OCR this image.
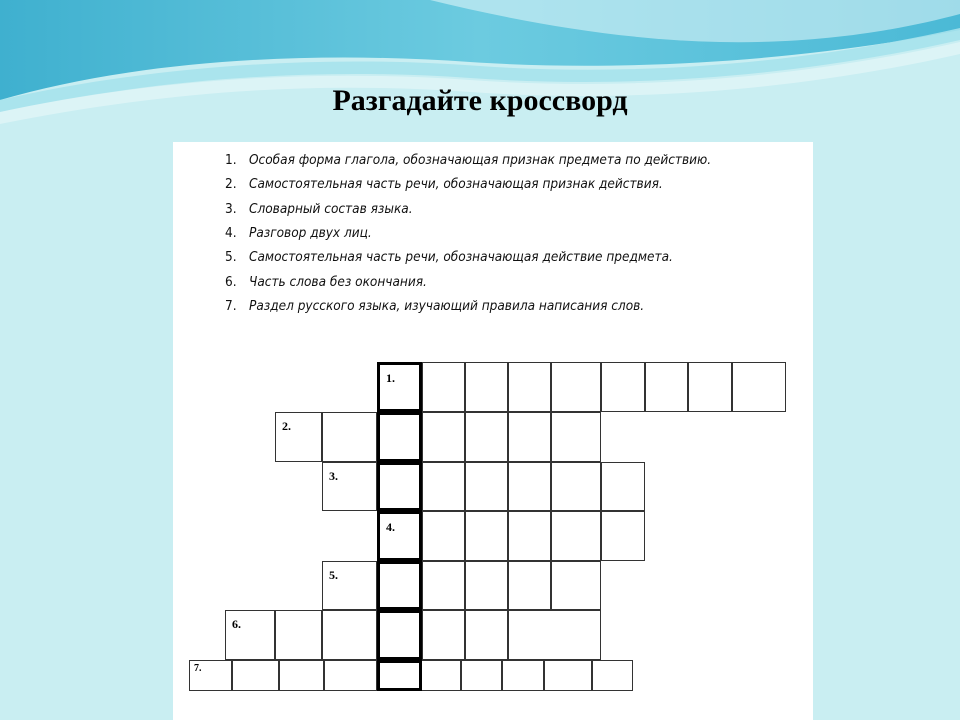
Разгадайте кроссворд
1. Особая форма глагола, обозначающая признак предмета по действию.
2. Самостоятельная часть речи, обозначающая признак действия.
3. Словарный состав языка.
4. Разговор двух лиц.
5. Самостоятельная часть речи, обозначающая действие предмета.
6. Часть слова без окончания.
7. Раздел русского языка, изучающий правила написания слов.
1.
2.
3.
4.
5.
6.
7.
